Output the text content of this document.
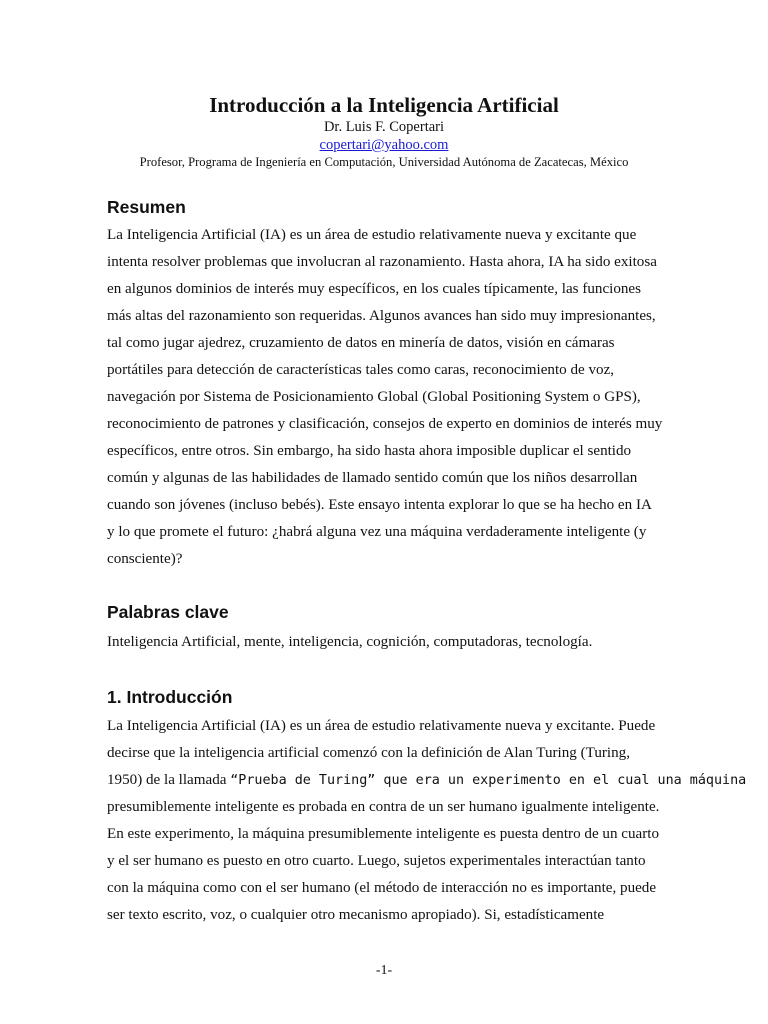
Introducción a la Inteligencia Artificial
Dr. Luis F. Copertari
copertari@yahoo.com
Profesor, Programa de Ingeniería en Computación, Universidad Autónoma de Zacatecas, México
Resumen

La Inteligencia Artificial (IA) es un área de estudio relativamente nueva y excitante que
intenta resolver problemas que involucran al razonamiento. Hasta ahora, IA ha sido exitosa
en algunos dominios de interés muy específicos, en los cuales típicamente, las funciones
más altas del razonamiento son requeridas. Algunos avances han sido muy impresionantes,
tal como jugar ajedrez, cruzamiento de datos en minería de datos, visión en cámaras
portátiles para detección de características tales como caras, reconocimiento de voz,
navegación por Sistema de Posicionamiento Global (Global Positioning System o GPS),
reconocimiento de patrones y clasificación, consejos de experto en dominios de interés muy
específicos, entre otros. Sin embargo, ha sido hasta ahora imposible duplicar el sentido
común y algunas de las habilidades de llamado sentido común que los niños desarrollan
cuando son jóvenes (incluso bebés). Este ensayo intenta explorar lo que se ha hecho en IA
y lo que promete el futuro: ¿habrá alguna vez una máquina verdaderamente inteligente (y
consciente)?

Palabras clave

Inteligencia Artificial, mente, inteligencia, cognición, computadoras, tecnología.

1. Introducción

La Inteligencia Artificial (IA) es un área de estudio relativamente nueva y excitante. Puede
decirse que la inteligencia artificial comenzó con la definición de Alan Turing (Turing,
1950) de la llamada “Prueba de Turing” que era un experimento en el cual una máquina
presumiblemente inteligente es probada en contra de un ser humano igualmente inteligente.
En este experimento, la máquina presumiblemente inteligente es puesta dentro de un cuarto
y el ser humano es puesto en otro cuarto. Luego, sujetos experimentales interactúan tanto
con la máquina como con el ser humano (el método de interacción no es importante, puede
ser texto escrito, voz, o cualquier otro mecanismo apropiado). Si, estadísticamente

-1-
